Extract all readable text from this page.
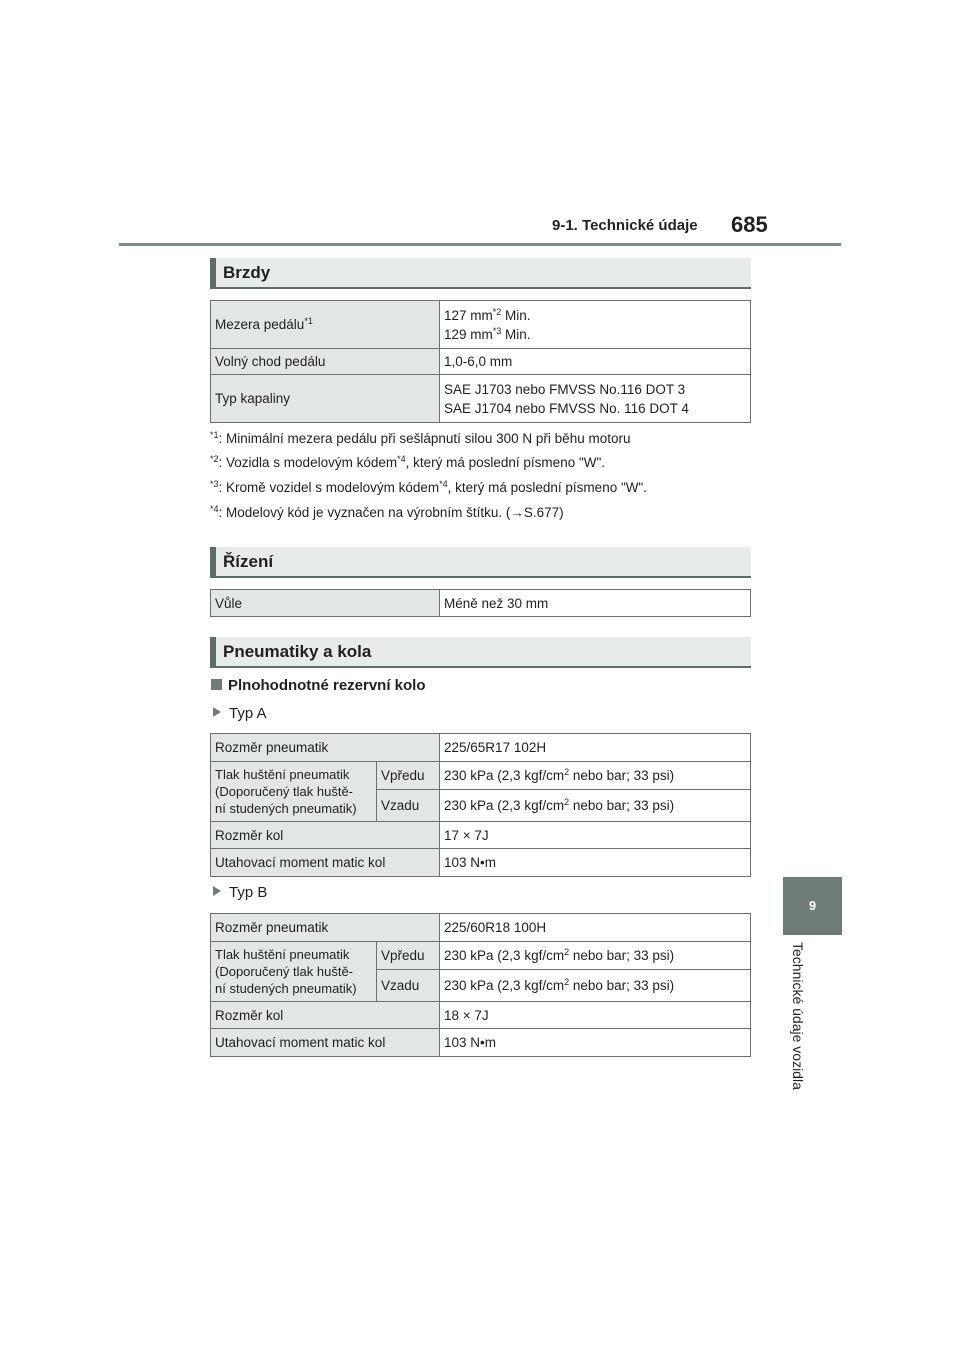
9-1. Technické údaje 685
9
Technické údaje vozidla
Brzdy
Mezera pedálu$^{*1}$	127 $mm^{*2}$ Min.
129 $mm^{*3}$ Min.

Volný chod pedálu	1,0-6,0 mm
Typ kapaliny	SAE J1703 nebo FMVSS No.116 DOT 3
SAE J1704 nebo FMVSS No. 116 DOT 4
$^{*1}$: Minimální mezera pedálu při sešlápnutí silou 300 N při běhu motoru
$^{*2}$: Vozidla s modelovým kódem$^{*4}$, který má poslední písmeno "W".
$^{*3}$: Kromě vozidel s modelovým kódem$^{*4}$, který má poslední písmeno "W".
$^{*4}$: Modelový kód je vyznačen na výrobním štítku. (→S.677)
Řízení
Vůle	Méně než 30 mm
Pneumatiky a kola
Plnohodnotné rezervní kolo
Typ A
Rozměr pneumatik		225/65R17 102H

Tlak huštění pneumatik
(Doporučený tlak huště-
ní studených pneumatik)	Vpředu	230 kPa (2,3 kgf/$cm^2$ nebo bar; 33 psi)
	Vzadu	230 kPa (2,3 kgf/$cm^2$ nebo bar; 33 psi)
Rozměr kol		17 × 7J
Utahovací moment matic kol		103 N•m
Typ B
Rozměr pneumatik		225/60R18 100H

Tlak huštění pneumatik
(Doporučený tlak huště-
ní studených pneumatik)	Vpředu	230 kPa (2,3 kgf/$cm^2$ nebo bar; 33 psi)
	Vzadu	230 kPa (2,3 kgf/$cm^2$ nebo bar; 33 psi)
Rozměr kol		18 × 7J
Utahovací moment matic kol		103 N•m
